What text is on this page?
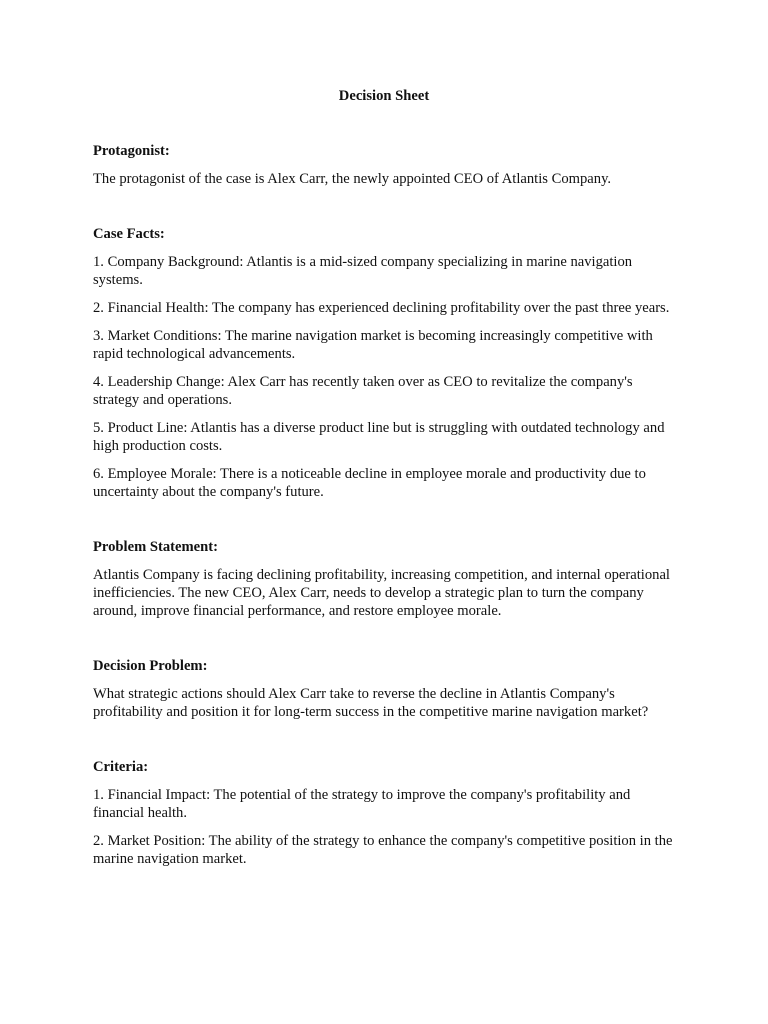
Decision Sheet
Protagonist:

The protagonist of the case is Alex Carr, the newly appointed CEO of Atlantis Company.

Case Facts:

1. Company Background: Atlantis is a mid-sized company specializing in marine navigation systems.

2. Financial Health: The company has experienced declining profitability over the past three years.

3. Market Conditions: The marine navigation market is becoming increasingly competitive with rapid technological advancements.

4. Leadership Change: Alex Carr has recently taken over as CEO to revitalize the company's strategy and operations.

5. Product Line: Atlantis has a diverse product line but is struggling with outdated technology and high production costs.

6. Employee Morale: There is a noticeable decline in employee morale and productivity due to uncertainty about the company's future.

Problem Statement:

Atlantis Company is facing declining profitability, increasing competition, and internal operational inefficiencies. The new CEO, Alex Carr, needs to develop a strategic plan to turn the company around, improve financial performance, and restore employee morale.

Decision Problem:

What strategic actions should Alex Carr take to reverse the decline in Atlantis Company's profitability and position it for long-term success in the competitive marine navigation market?

Criteria:

1. Financial Impact: The potential of the strategy to improve the company's profitability and financial health.

2. Market Position: The ability of the strategy to enhance the company's competitive position in the marine navigation market.
